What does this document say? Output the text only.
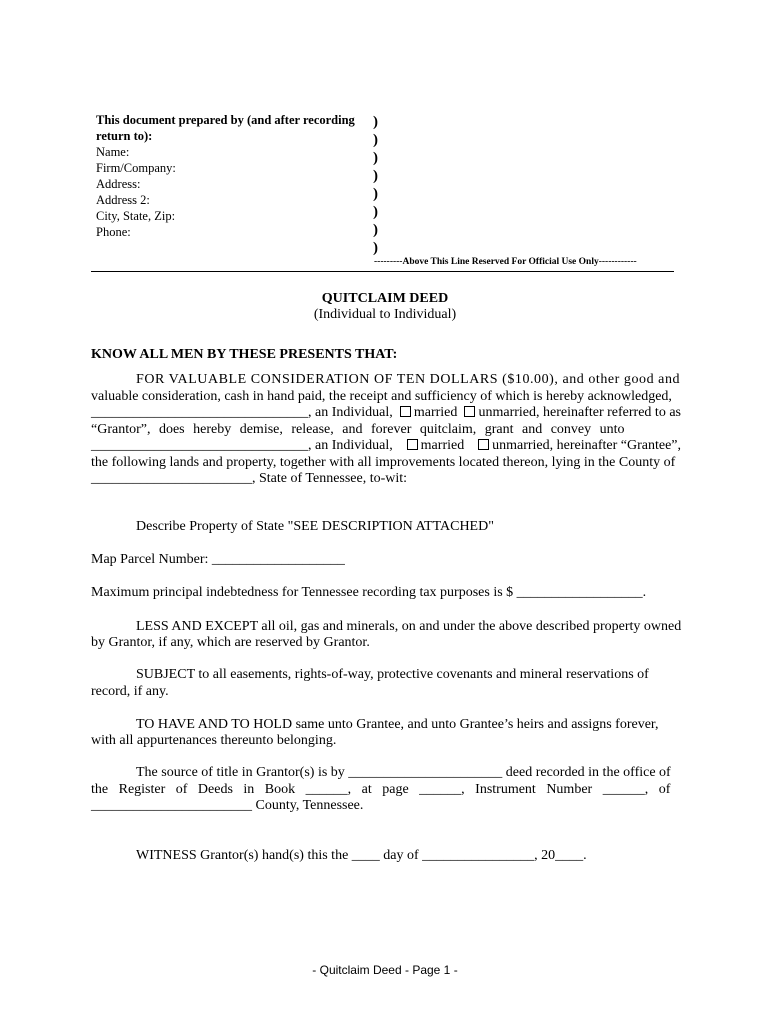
This document prepared by (and after recording
return to):
Name:
Firm/Company:
Address:
Address 2:
City, State, Zip:
Phone:
)
)
)
)
)
)
)
)
---------Above This Line Reserved For Official Use Only------------
QUITCLAIM DEED
(Individual to Individual)
KNOW ALL MEN BY THESE PRESENTS THAT:
FOR VALUABLE CONSIDERATION OF TEN DOLLARS ($10.00), and other good and
valuable consideration, cash in hand paid, the receipt and sufficiency of which is hereby acknowledged,
_______________________________, an Individual,	married	unmarried, hereinafter referred to as
“Grantor”, does hereby demise, release, and forever quitclaim, grant and convey unto
_______________________________, an Individual,	married	unmarried, hereinafter “Grantee”,
the following lands and property, together with all improvements located thereon, lying in the County of
_______________________, State of Tennessee, to-wit:
Describe Property of State "SEE DESCRIPTION ATTACHED"
Map Parcel Number: ___________________
Maximum principal indebtedness for Tennessee recording tax purposes is $ __________________.
LESS AND EXCEPT all oil, gas and minerals, on and under the above described property owned
by Grantor, if any, which are reserved by Grantor.
SUBJECT to all easements, rights-of-way, protective covenants and mineral reservations of
record, if any.
TO HAVE AND TO HOLD same unto Grantee, and unto Grantee’s heirs and assigns forever,
with all appurtenances thereunto belonging.
The source of title in Grantor(s) is by ______________________ deed recorded in the office of
the Register of Deeds in Book ______, at page ______, Instrument Number ______, of
_______________________ County, Tennessee.
WITNESS Grantor(s) hand(s) this the ____ day of ________________, 20____.
- Quitclaim Deed - Page 1 -
